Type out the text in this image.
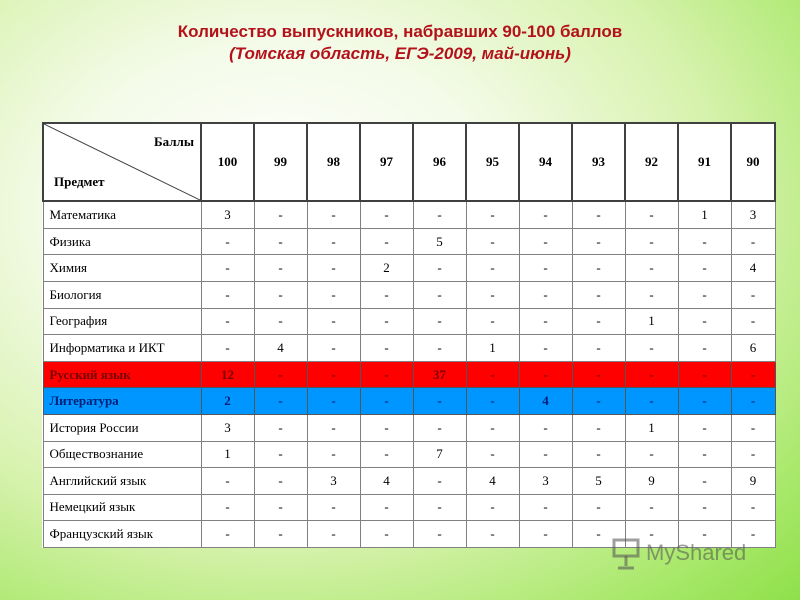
Количество выпускников, набравших 90-100 баллов
(Томская область, ЕГЭ-2009, май-июнь)
Баллы
Предмет	100	99	98	97	96	95	94	93	92	91	90
Математика	3	-	-	-	-	-	-	-	-	1	3
Физика	-	-	-	-	5	-	-	-	-	-	-
Химия	-	-	-	2	-	-	-	-	-	-	4
Биология	-	-	-	-	-	-	-	-	-	-	-
География	-	-	-	-	-	-	-	-	1	-	-
Информатика и ИКТ	-	4	-	-	-	1	-	-	-	-	6
Русский язык	12	-	-	-	37	-	-	-	-	-	-
Литература	2	-	-	-	-	-	4	-	-	-	-
История России	3	-	-	-	-	-	-	-	1	-	-
Обществознание	1	-	-	-	7	-	-	-	-	-	-
Английский язык	-	-	3	4	-	4	3	5	9	-	9
Немецкий язык	-	-	-	-	-	-	-	-	-	-	-
Французский язык	-	-	-	-	-	-	-	-	-	-	-
MyShared
